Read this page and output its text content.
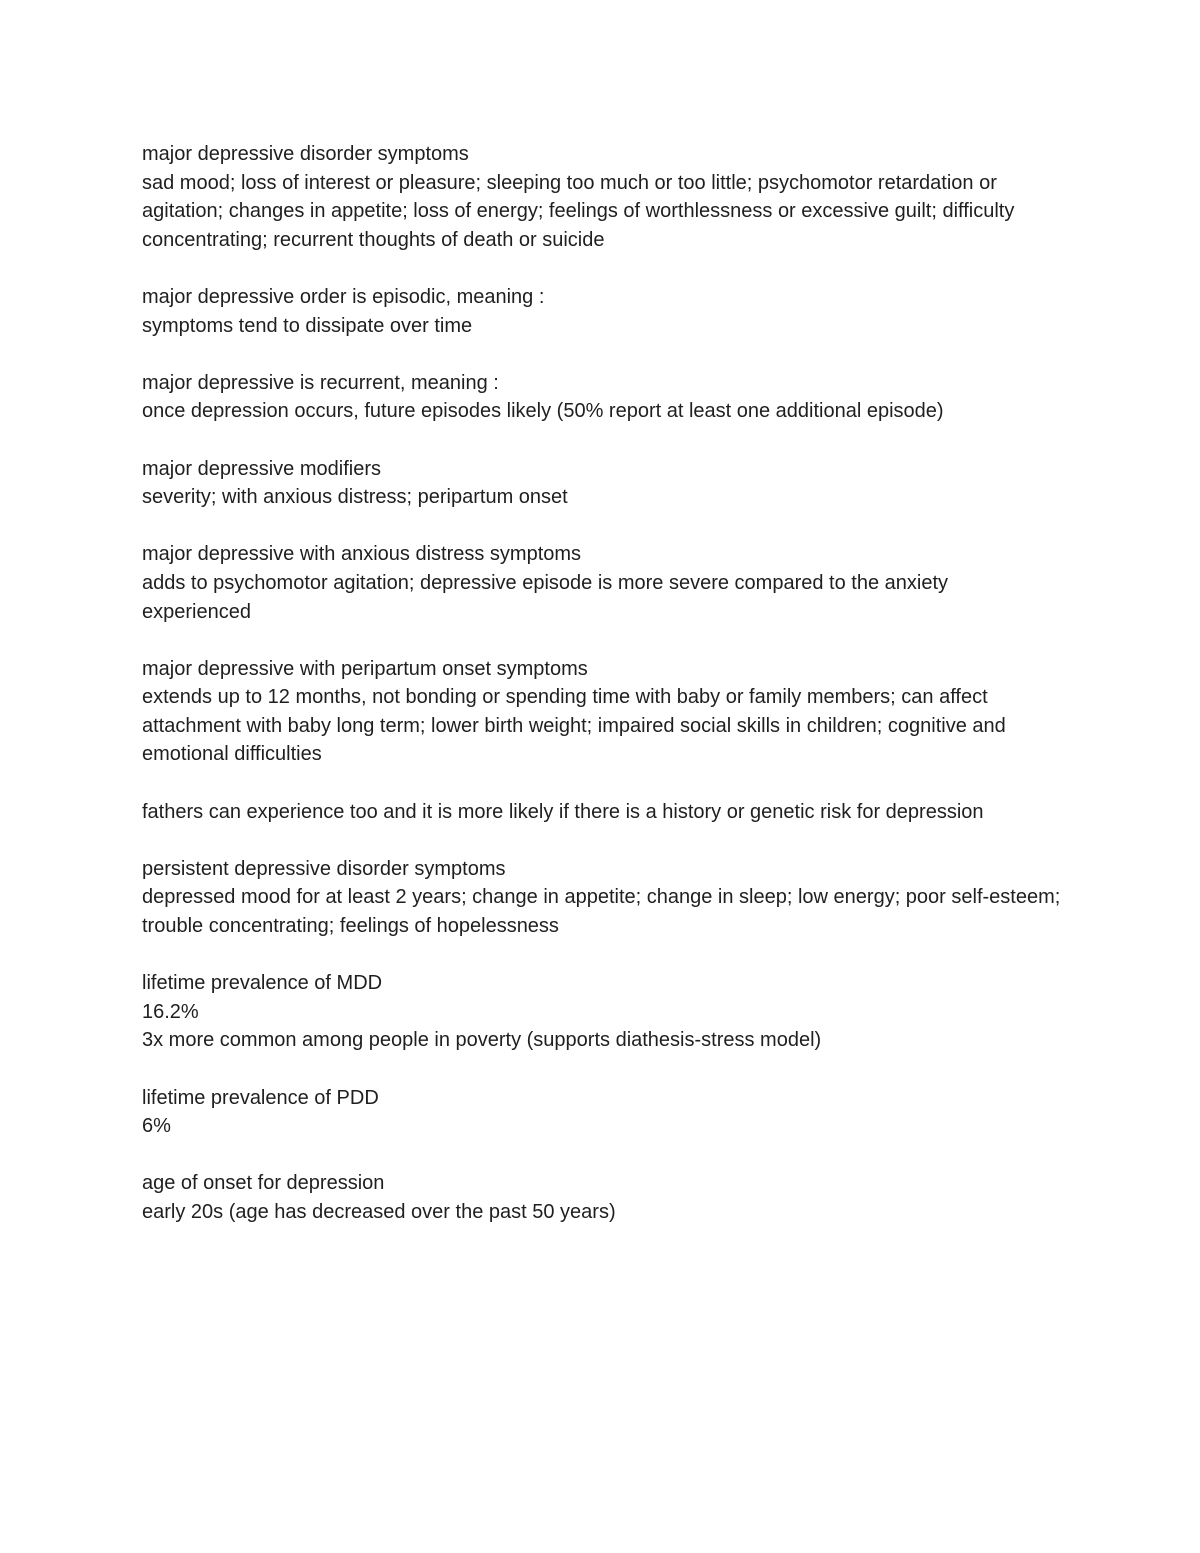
major depressive disorder symptoms

sad mood; loss of interest or pleasure; sleeping too much or too little; psychomotor retardation or agitation; changes in appetite; loss of energy; feelings of worthlessness or excessive guilt; difficulty concentrating; recurrent thoughts of death or suicide

major depressive order is episodic, meaning :

symptoms tend to dissipate over time

major depressive is recurrent, meaning :

once depression occurs, future episodes likely (50% report at least one additional episode)

major depressive modifiers

severity; with anxious distress; peripartum onset

major depressive with anxious distress symptoms

adds to psychomotor agitation; depressive episode is more severe compared to the anxiety experienced

major depressive with peripartum onset symptoms

extends up to 12 months, not bonding or spending time with baby or family members; can affect attachment with baby long term; lower birth weight; impaired social skills in children; cognitive and emotional difficulties

fathers can experience too and it is more likely if there is a history or genetic risk for depression

persistent depressive disorder symptoms

depressed mood for at least 2 years; change in appetite; change in sleep; low energy; poor self-esteem; trouble concentrating; feelings of hopelessness

lifetime prevalence of MDD

16.2%

3x more common among people in poverty (supports diathesis-stress model)

lifetime prevalence of PDD

6%

age of onset for depression

early 20s (age has decreased over the past 50 years)
